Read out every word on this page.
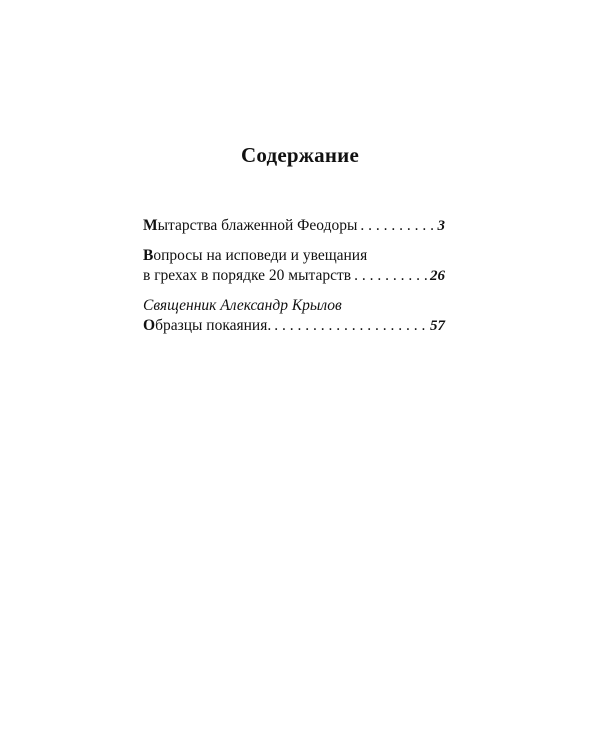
Содержание
Мытарства блаженной Феодоры . . .	3
Вопросы на исповеди и увещания
в грехах в порядке 20 мытарств . . .	26
Священник Александр Крылов
Образцы покаяния. . . .	57
